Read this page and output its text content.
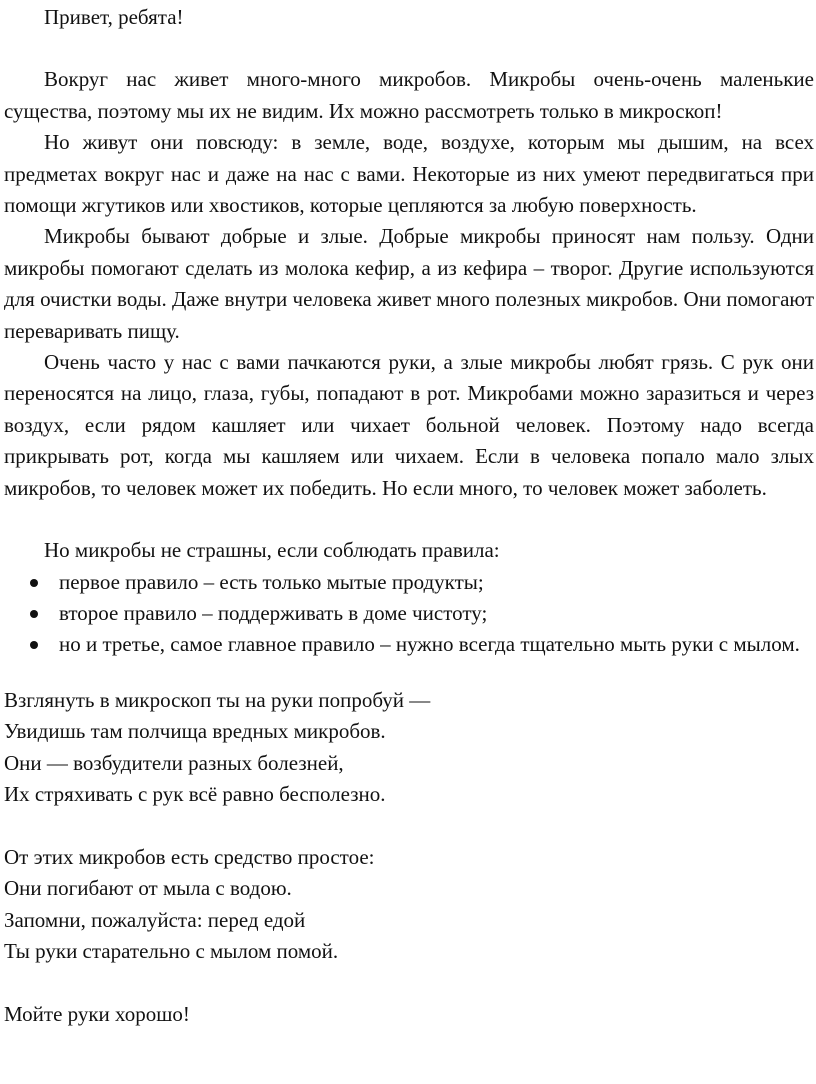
Привет, ребята!

Вокруг нас живет много-много микробов. Микробы очень-очень маленькие существа, поэтому мы их не видим. Их можно рассмотреть только в микроскоп!

Но живут они повсюду: в земле, воде, воздухе, которым мы дышим, на всех предметах вокруг нас и даже на нас с вами. Некоторые из них умеют передвигаться при помощи жгутиков или хвостиков, которые цепляются за любую поверхность.

Микробы бывают добрые и злые. Добрые микробы приносят нам пользу. Одни микробы помогают сделать из молока кефир, а из кефира – творог. Другие используются для очистки воды. Даже внутри человека живет много полезных микробов. Они помогают переваривать пищу.

Очень часто у нас с вами пачкаются руки, а злые микробы любят грязь. С рук они переносятся на лицо, глаза, губы, попадают в рот. Микробами можно заразиться и через воздух, если рядом кашляет или чихает больной человек. Поэтому надо всегда прикрывать рот, когда мы кашляем или чихаем. Если в человека попало мало злых микробов, то человек может их победить. Но если много, то человек может заболеть.

Но микробы не страшны, если соблюдать правила:

первое правило – есть только мытые продукты;
второе правило – поддерживать в доме чистоту;
но и третье, самое главное правило – нужно всегда тщательно мыть руки с мылом.

Взглянуть в микроскоп ты на руки попробуй —

Увидишь там полчища вредных микробов.

Они — возбудители разных болезней,

Их стряхивать с рук всё равно бесполезно.

От этих микробов есть средство простое:

Они погибают от мыла с водою.

Запомни, пожалуйста: перед едой

Ты руки старательно с мылом помой.

Мойте руки хорошо!
